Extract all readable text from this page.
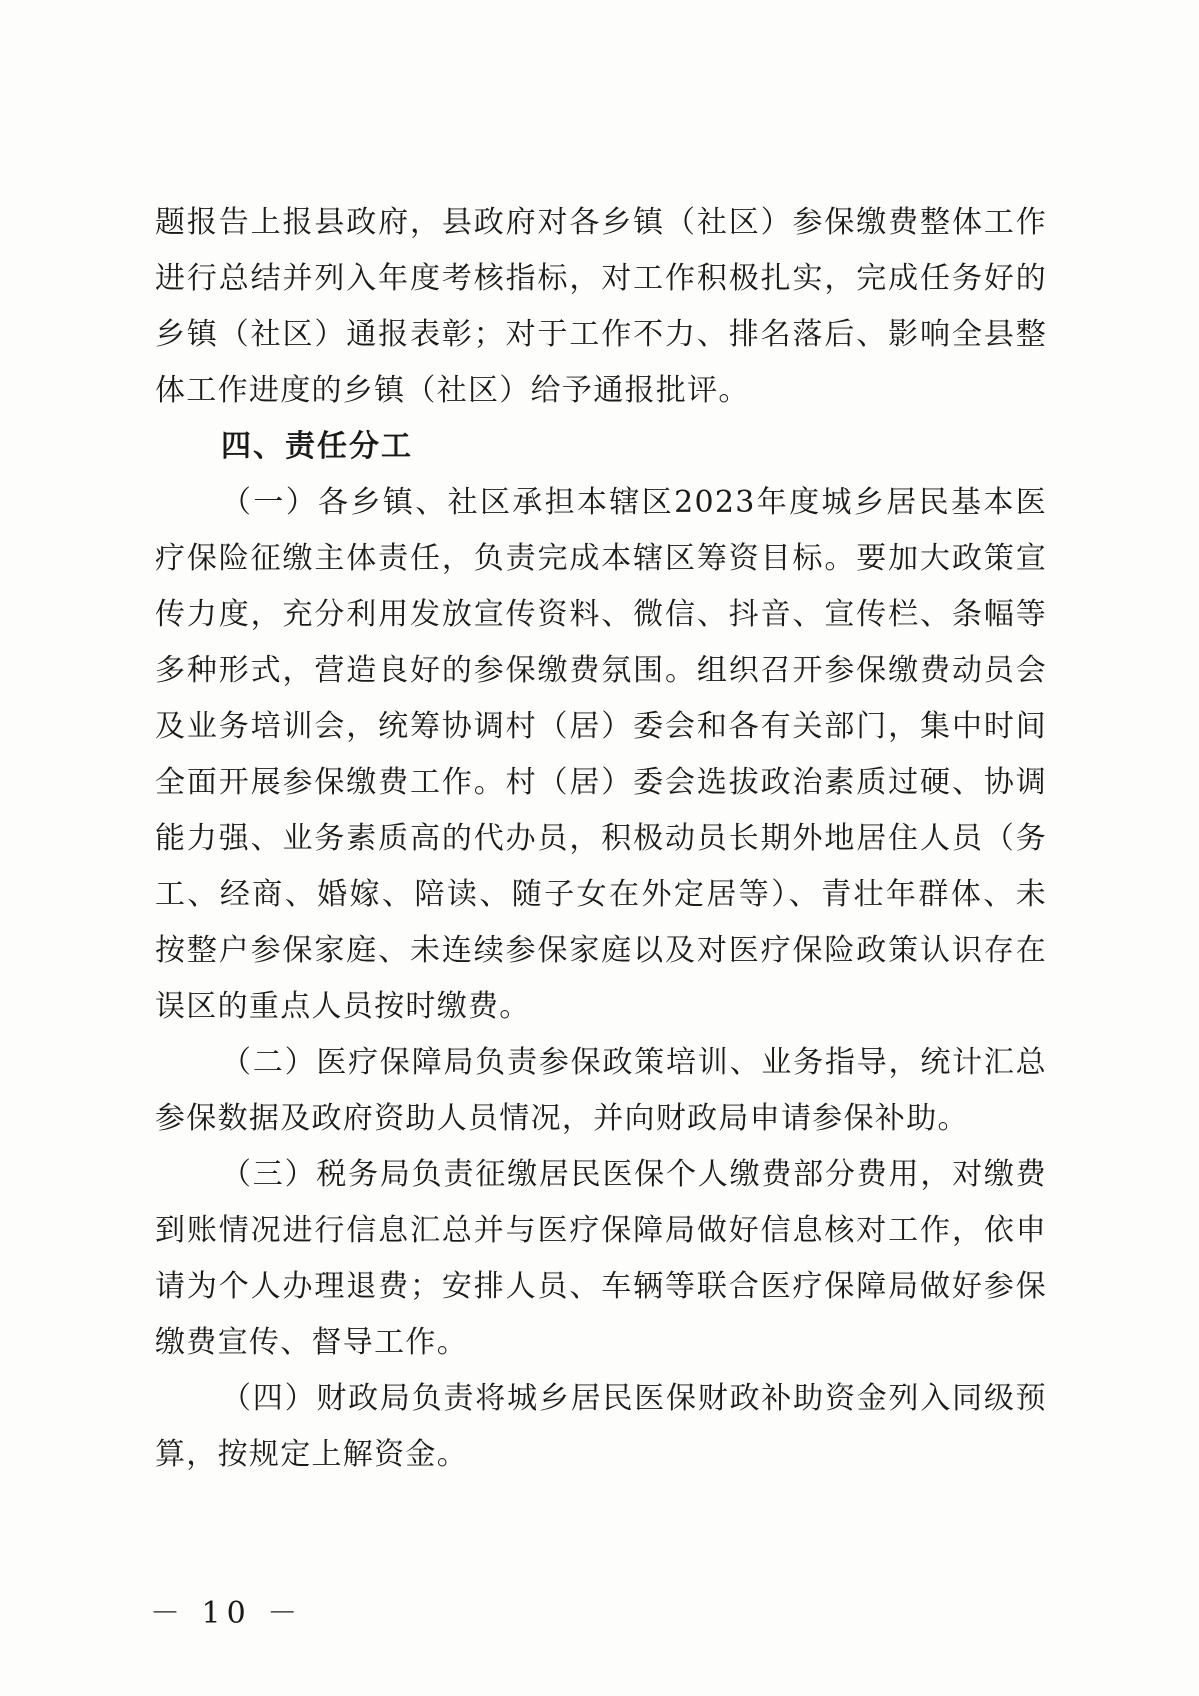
题报告上报县政府，县政府对各乡镇（社区）参保缴费整体工作进行总结并列入年度考核指标，对工作积极扎实，完成任务好的乡镇（社区）通报表彰；对于工作不力、排名落后、影响全县整体工作进度的乡镇（社区）给予通报批评。

四、责任分工

（一）各乡镇、社区承担本辖区2023年度城乡居民基本医疗保险征缴主体责任，负责完成本辖区筹资目标。要加大政策宣传力度，充分利用发放宣传资料、微信、抖音、宣传栏、条幅等多种形式，营造良好的参保缴费氛围。组织召开参保缴费动员会及业务培训会，统筹协调村（居）委会和各有关部门，集中时间全面开展参保缴费工作。村（居）委会选拔政治素质过硬、协调能力强、业务素质高的代办员，积极动员长期外地居住人员（务工、经商、婚嫁、陪读、随子女在外定居等）、青壮年群体、未按整户参保家庭、未连续参保家庭以及对医疗保险政策认识存在误区的重点人员按时缴费。

（二）医疗保障局负责参保政策培训、业务指导，统计汇总参保数据及政府资助人员情况，并向财政局申请参保补助。

（三）税务局负责征缴居民医保个人缴费部分费用，对缴费到账情况进行信息汇总并与医疗保障局做好信息核对工作，依申请为个人办理退费；安排人员、车辆等联合医疗保障局做好参保缴费宣传、督导工作。

（四）财政局负责将城乡居民医保财政补助资金列入同级预算，按规定上解资金。

－ 10 －
